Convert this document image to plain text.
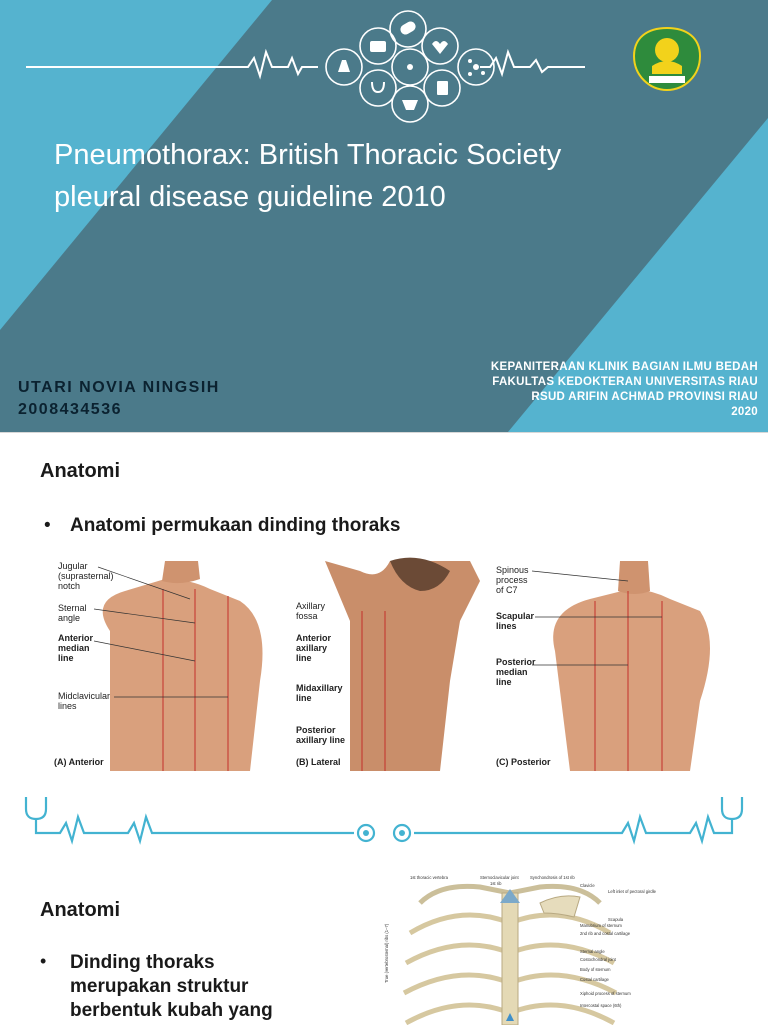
Pneumothorax: British Thoracic Society pleural disease guideline 2010
UTARI NOVIA NINGSIH
2008434536
KEPANITERAAN KLINIK BAGIAN ILMU BEDAH
FAKULTAS KEDOKTERAN UNIVERSITAS RIAU
RSUD ARIFIN ACHMAD PROVINSI RIAU
2020
Anatomi
•	Anatomi permukaan dinding thoraks
Jugular
(suprasternal)
notch
Sternal
angle
Anterior
median
line
Midclavicular
lines
(A) Anterior
Axillary
fossa
Anterior
axillary
line
Midaxillary
line
Posterior
axillary line
(B) Lateral
Spinous
process
of C7
Scapular
lines
Posterior
median
line
(C) Posterior
Anatomi
•	Dinding thoraks
merupakan struktur
berbentuk kubah yang
1st thoracic vertebra	Sternoclavicular joint	Synchondrosis of 1st rib
1st rib	Clavicle
Left inlet of pectoral girdle
Scapula
Manubrium of sternum
2nd rib and costal cartilage
Sternal angle
Costochondral joint
Body of sternum
Costal cartilage
Xiphoid process of sternum
Intercostal space (6th)
True (vertebrosternal) ribs (1–7)
